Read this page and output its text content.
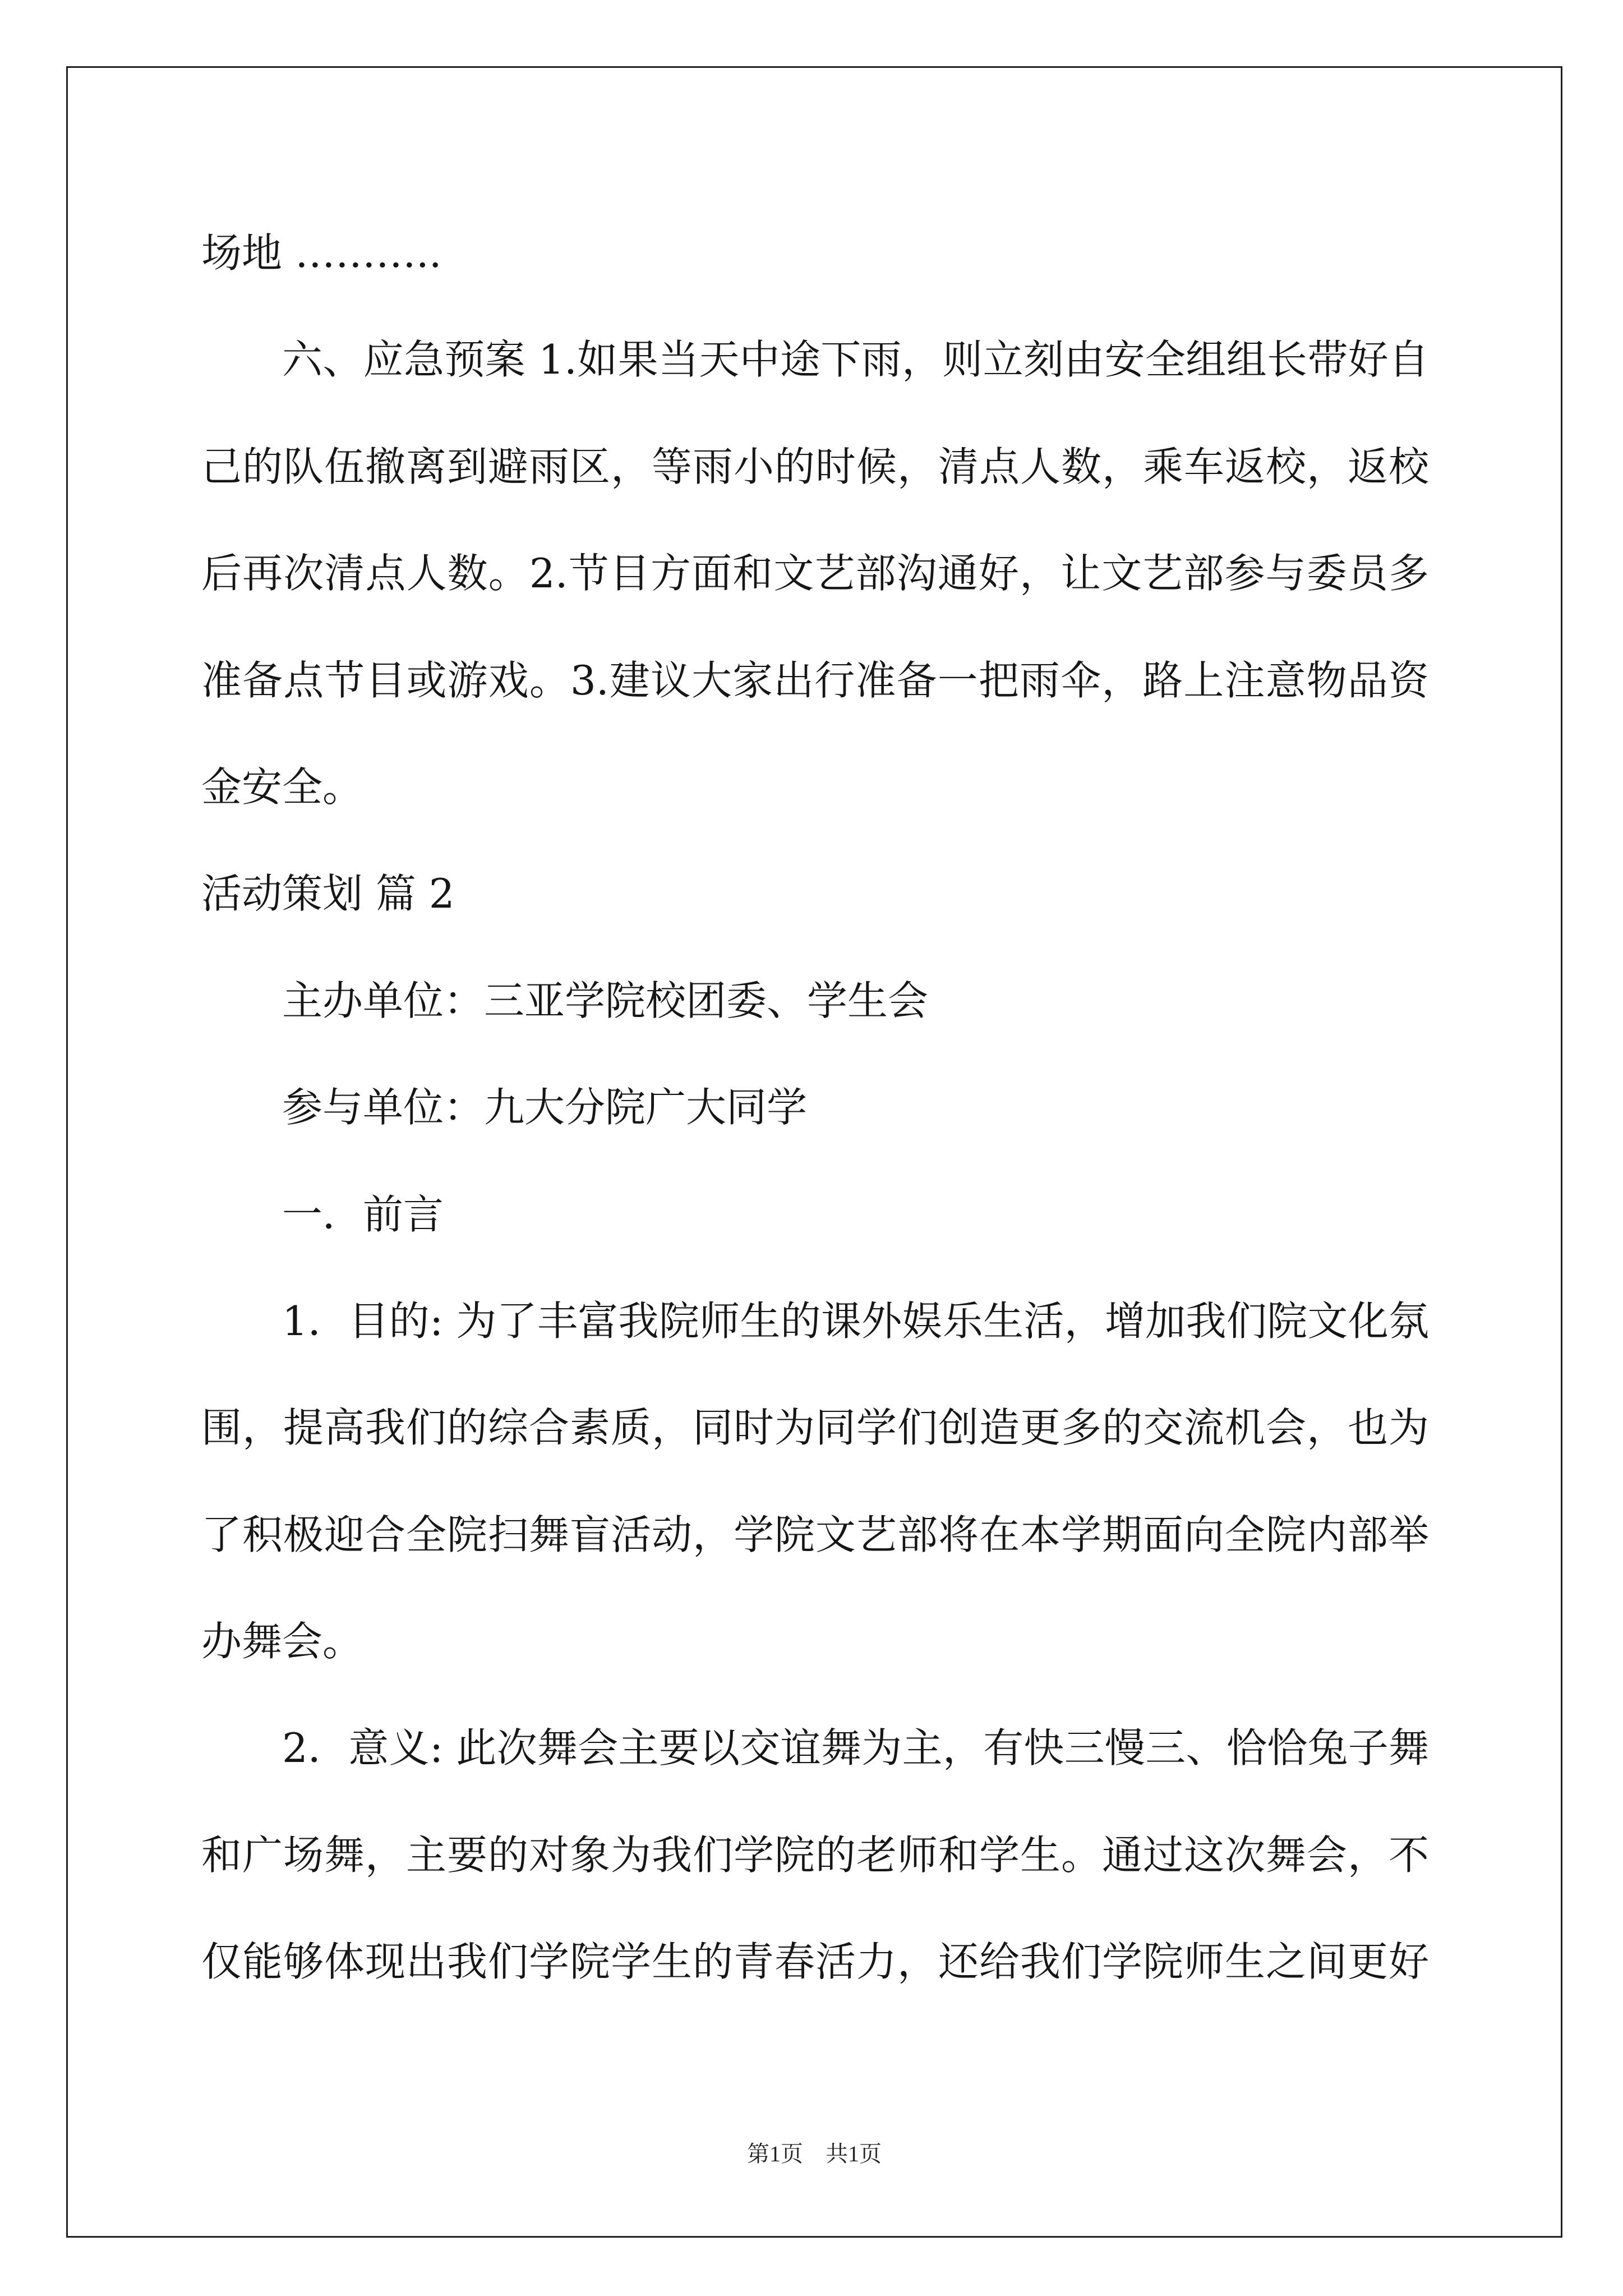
场地 ………..
六、应急预案 1.如果当天中途下雨，则立刻由安全组组长带好自
己的队伍撤离到避雨区，等雨小的时候，清点人数，乘车返校，返校
后再次清点人数。2.节目方面和文艺部沟通好，让文艺部参与委员多
准备点节目或游戏。3.建议大家出行准备一把雨伞，路上注意物品资
金安全。
活动策划 篇 2
主办单位：三亚学院校团委、学生会
参与单位：九大分院广大同学
一．前言
1．目的: 为了丰富我院师生的课外娱乐生活，增加我们院文化氛
围，提高我们的综合素质，同时为同学们创造更多的交流机会，也为
了积极迎合全院扫舞盲活动，学院文艺部将在本学期面向全院内部举
办舞会。
2．意义: 此次舞会主要以交谊舞为主，有快三慢三、恰恰兔子舞
和广场舞，主要的对象为我们学院的老师和学生。通过这次舞会，不
仅能够体现出我们学院学生的青春活力，还给我们学院师生之间更好
第1页　共1页
